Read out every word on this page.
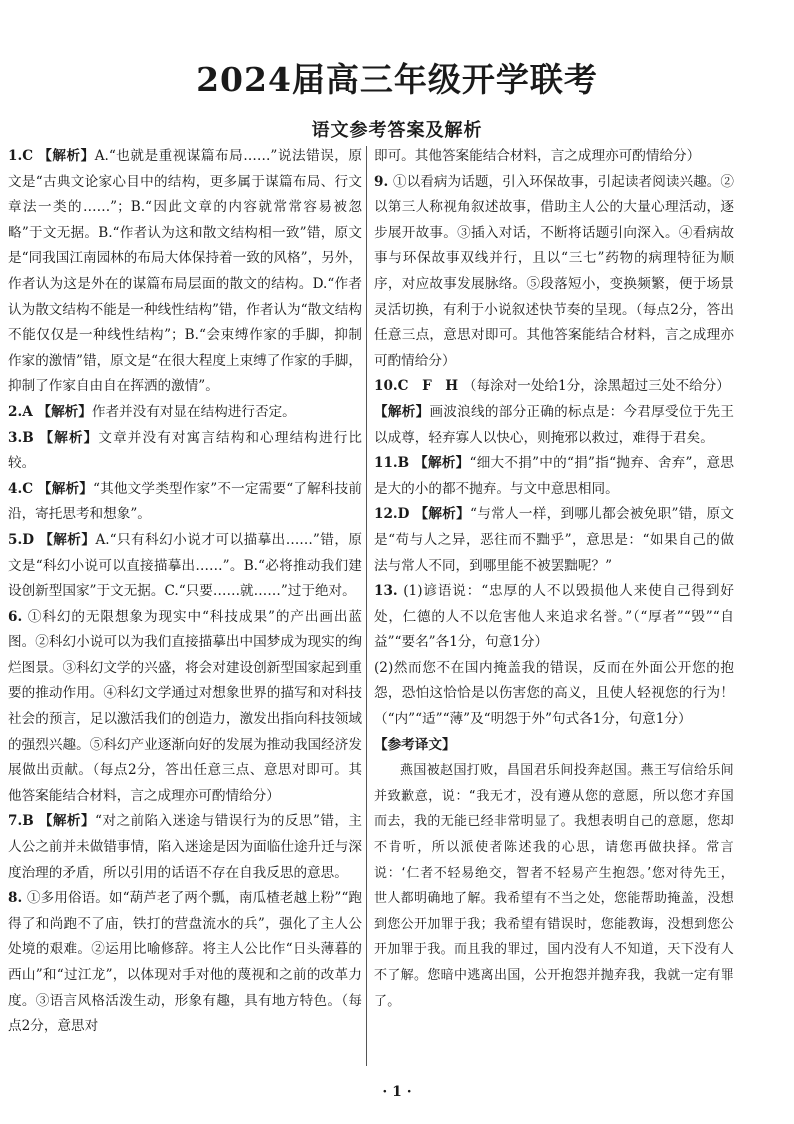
2024届高三年级开学联考
语文参考答案及解析

1.C 【解析】A.“也就是重视谋篇布局……”说法错误，原文是“古典文论家心目中的结构，更多属于谋篇布局、行文章法一类的……”；B.“因此文章的内容就常常容易被忽略”于文无据。B.“作者认为这和散文结构相一致”错，原文是“同我国江南园林的布局大体保持着一致的风格”，另外，作者认为这是外在的谋篇布局层面的散文的结构。D.“作者认为散文结构不能是一种线性结构”错，作者认为“散文结构不能仅仅是一种线性结构”；B.“会束缚作家的手脚，抑制作家的激情”错，原文是“在很大程度上束缚了作家的手脚，抑制了作家自由自在挥洒的激情”。

2.A 【解析】作者并没有对显在结构进行否定。

3.B 【解析】文章并没有对寓言结构和心理结构进行比较。

4.C 【解析】“其他文学类型作家”不一定需要“了解科技前沿，寄托思考和想象”。

5.D 【解析】A.“只有科幻小说才可以描摹出……”错，原文是“科幻小说可以直接描摹出……”。B.“必将推动我们建设创新型国家”于文无据。C.“只要……就……”过于绝对。

6. ①科幻的无限想象为现实中“科技成果”的产出画出蓝图。②科幻小说可以为我们直接描摹出中国梦成为现实的绚烂图景。③科幻文学的兴盛，将会对建设创新型国家起到重要的推动作用。④科幻文学通过对想象世界的描写和对科技社会的预言，足以激活我们的创造力，激发出指向科技领域的强烈兴趣。⑤科幻产业逐渐向好的发展为推动我国经济发展做出贡献。（每点2分，答出任意三点、意思对即可。其他答案能结合材料，言之成理亦可酌情给分）

7.B 【解析】“对之前陷入迷途与错误行为的反思”错，主人公之前并未做错事情，陷入迷途是因为面临仕途升迁与深度治理的矛盾，所以引用的话语不存在自我反思的意思。

8. ①多用俗语。如“葫芦老了两个瓢，南瓜楂老越上粉”“跑得了和尚跑不了庙，铁打的营盘流水的兵”，强化了主人公处境的艰难。②运用比喻修辞。将主人公比作“日头薄暮的西山”和“过江龙”，以体现对手对他的蔑视和之前的改革力度。③语言风格活泼生动，形象有趣，具有地方特色。（每点2分，意思对

即可。其他答案能结合材料，言之成理亦可酌情给分）

9. ①以看病为话题，引入环保故事，引起读者阅读兴趣。②以第三人称视角叙述故事，借助主人公的大量心理活动，逐步展开故事。③插入对话，不断将话题引向深入。④看病故事与环保故事双线并行，且以“三七”药物的病理特征为顺序，对应故事发展脉络。⑤段落短小，变换频繁，便于场景灵活切换，有利于小说叙述快节奏的呈现。（每点2分，答出任意三点，意思对即可。其他答案能结合材料，言之成理亦可酌情给分）

10.C　F　H （每涂对一处给1分，涂黑超过三处不给分）

【解析】画波浪线的部分正确的标点是：今君厚受位于先王以成尊，轻弃寡人以快心，则掩邪以救过，难得于君矣。

11.B 【解析】“细大不捐”中的“捐”指“抛弃、舍弃”，意思是大的小的都不抛弃。与文中意思相同。

12.D 【解析】“与常人一样，到哪儿都会被免职”错，原文是“苟与人之异，恶往而不黜乎”，意思是：“如果自己的做法与常人不同，到哪里能不被罢黜呢？”

13. (1)谚语说：“忠厚的人不以毁损他人来使自己得到好处，仁德的人不以危害他人来追求名誉。”（“厚者”“毁”“自益”“要名”各1分，句意1分）

(2)然而您不在国内掩盖我的错误，反而在外面公开您的抱怨，恐怕这恰恰是以伤害您的高义，且使人轻视您的行为！（“内”“适”“薄”及“明怨于外”句式各1分，句意1分）

【参考译文】

燕国被赵国打败，昌国君乐间投奔赵国。燕王写信给乐间并致歉意，说：“我无才，没有遵从您的意愿，所以您才弃国而去，我的无能已经非常明显了。我想表明自己的意愿，您却不肯听，所以派使者陈述我的心思，请您再做抉择。常言说：‘仁者不轻易绝交，智者不轻易产生抱怨。’您对待先王，世人都明确地了解。我希望有不当之处，您能帮助掩盖，没想到您公开加罪于我；我希望有错误时，您能教诲，没想到您公开加罪于我。而且我的罪过，国内没有人不知道，天下没有人不了解。您暗中逃离出国，公开抱怨并抛弃我，我就一定有罪了。

· 1 ·
